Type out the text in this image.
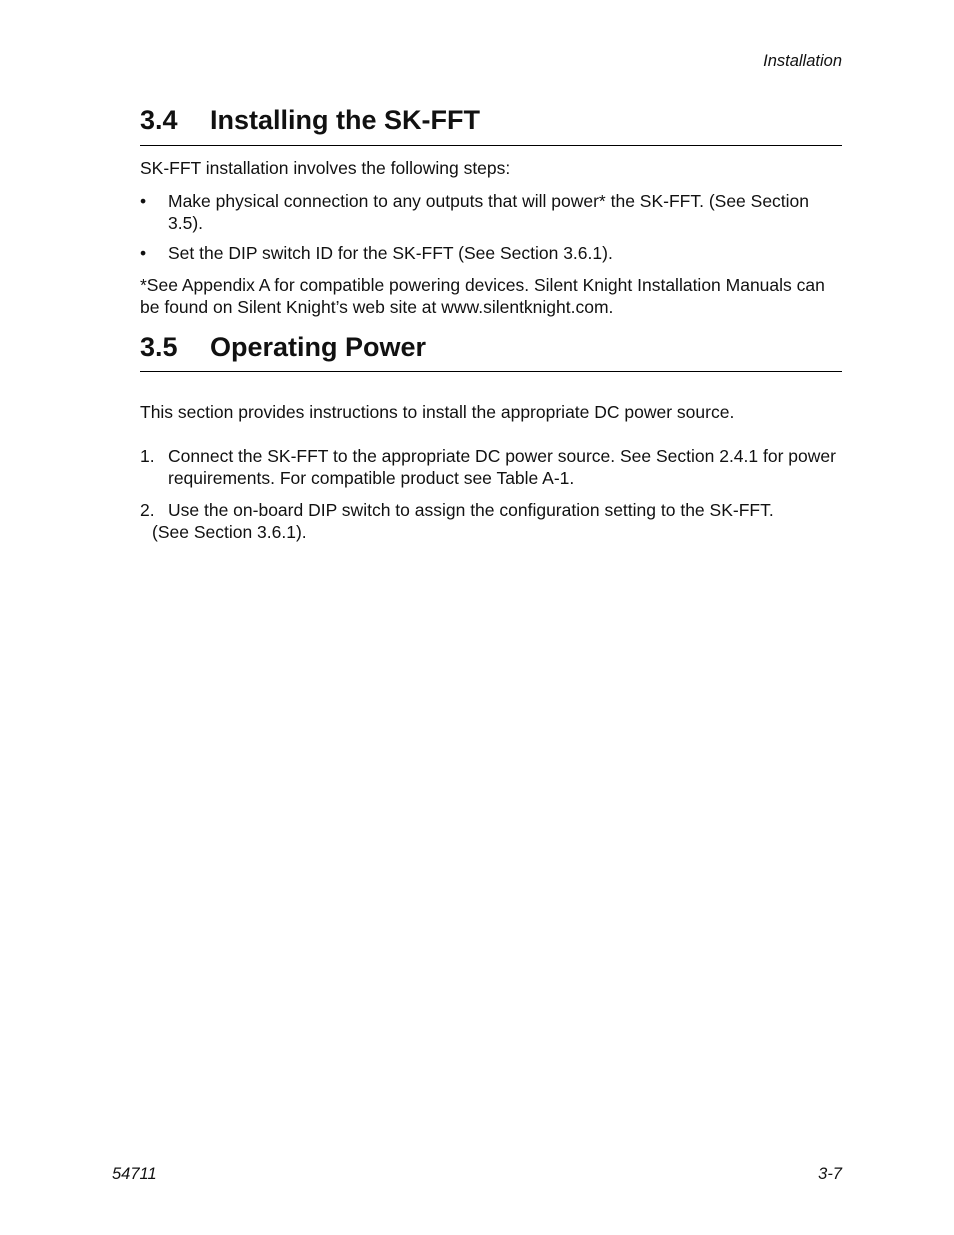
Installation
3.4 Installing the SK-FFT

SK-FFT installation involves the following steps:

•	Make physical connection to any outputs that will power* the SK-FFT. (See Section 3.5).
•	Set the DIP switch ID for the SK-FFT (See Section 3.6.1).

*See Appendix A for compatible powering devices. Silent Knight Installation Manuals can be found on Silent Knight’s web site at www.silentknight.com.

3.5 Operating Power

This section provides instructions to install the appropriate DC power source.

1. Connect the SK-FFT to the appropriate DC power source. See Section 2.4.1 for power requirements. For compatible product see Table A-1.
2. Use the on-board DIP switch to assign the configuration setting to the SK-FFT.
(See Section 3.6.1).
54711	3-7
